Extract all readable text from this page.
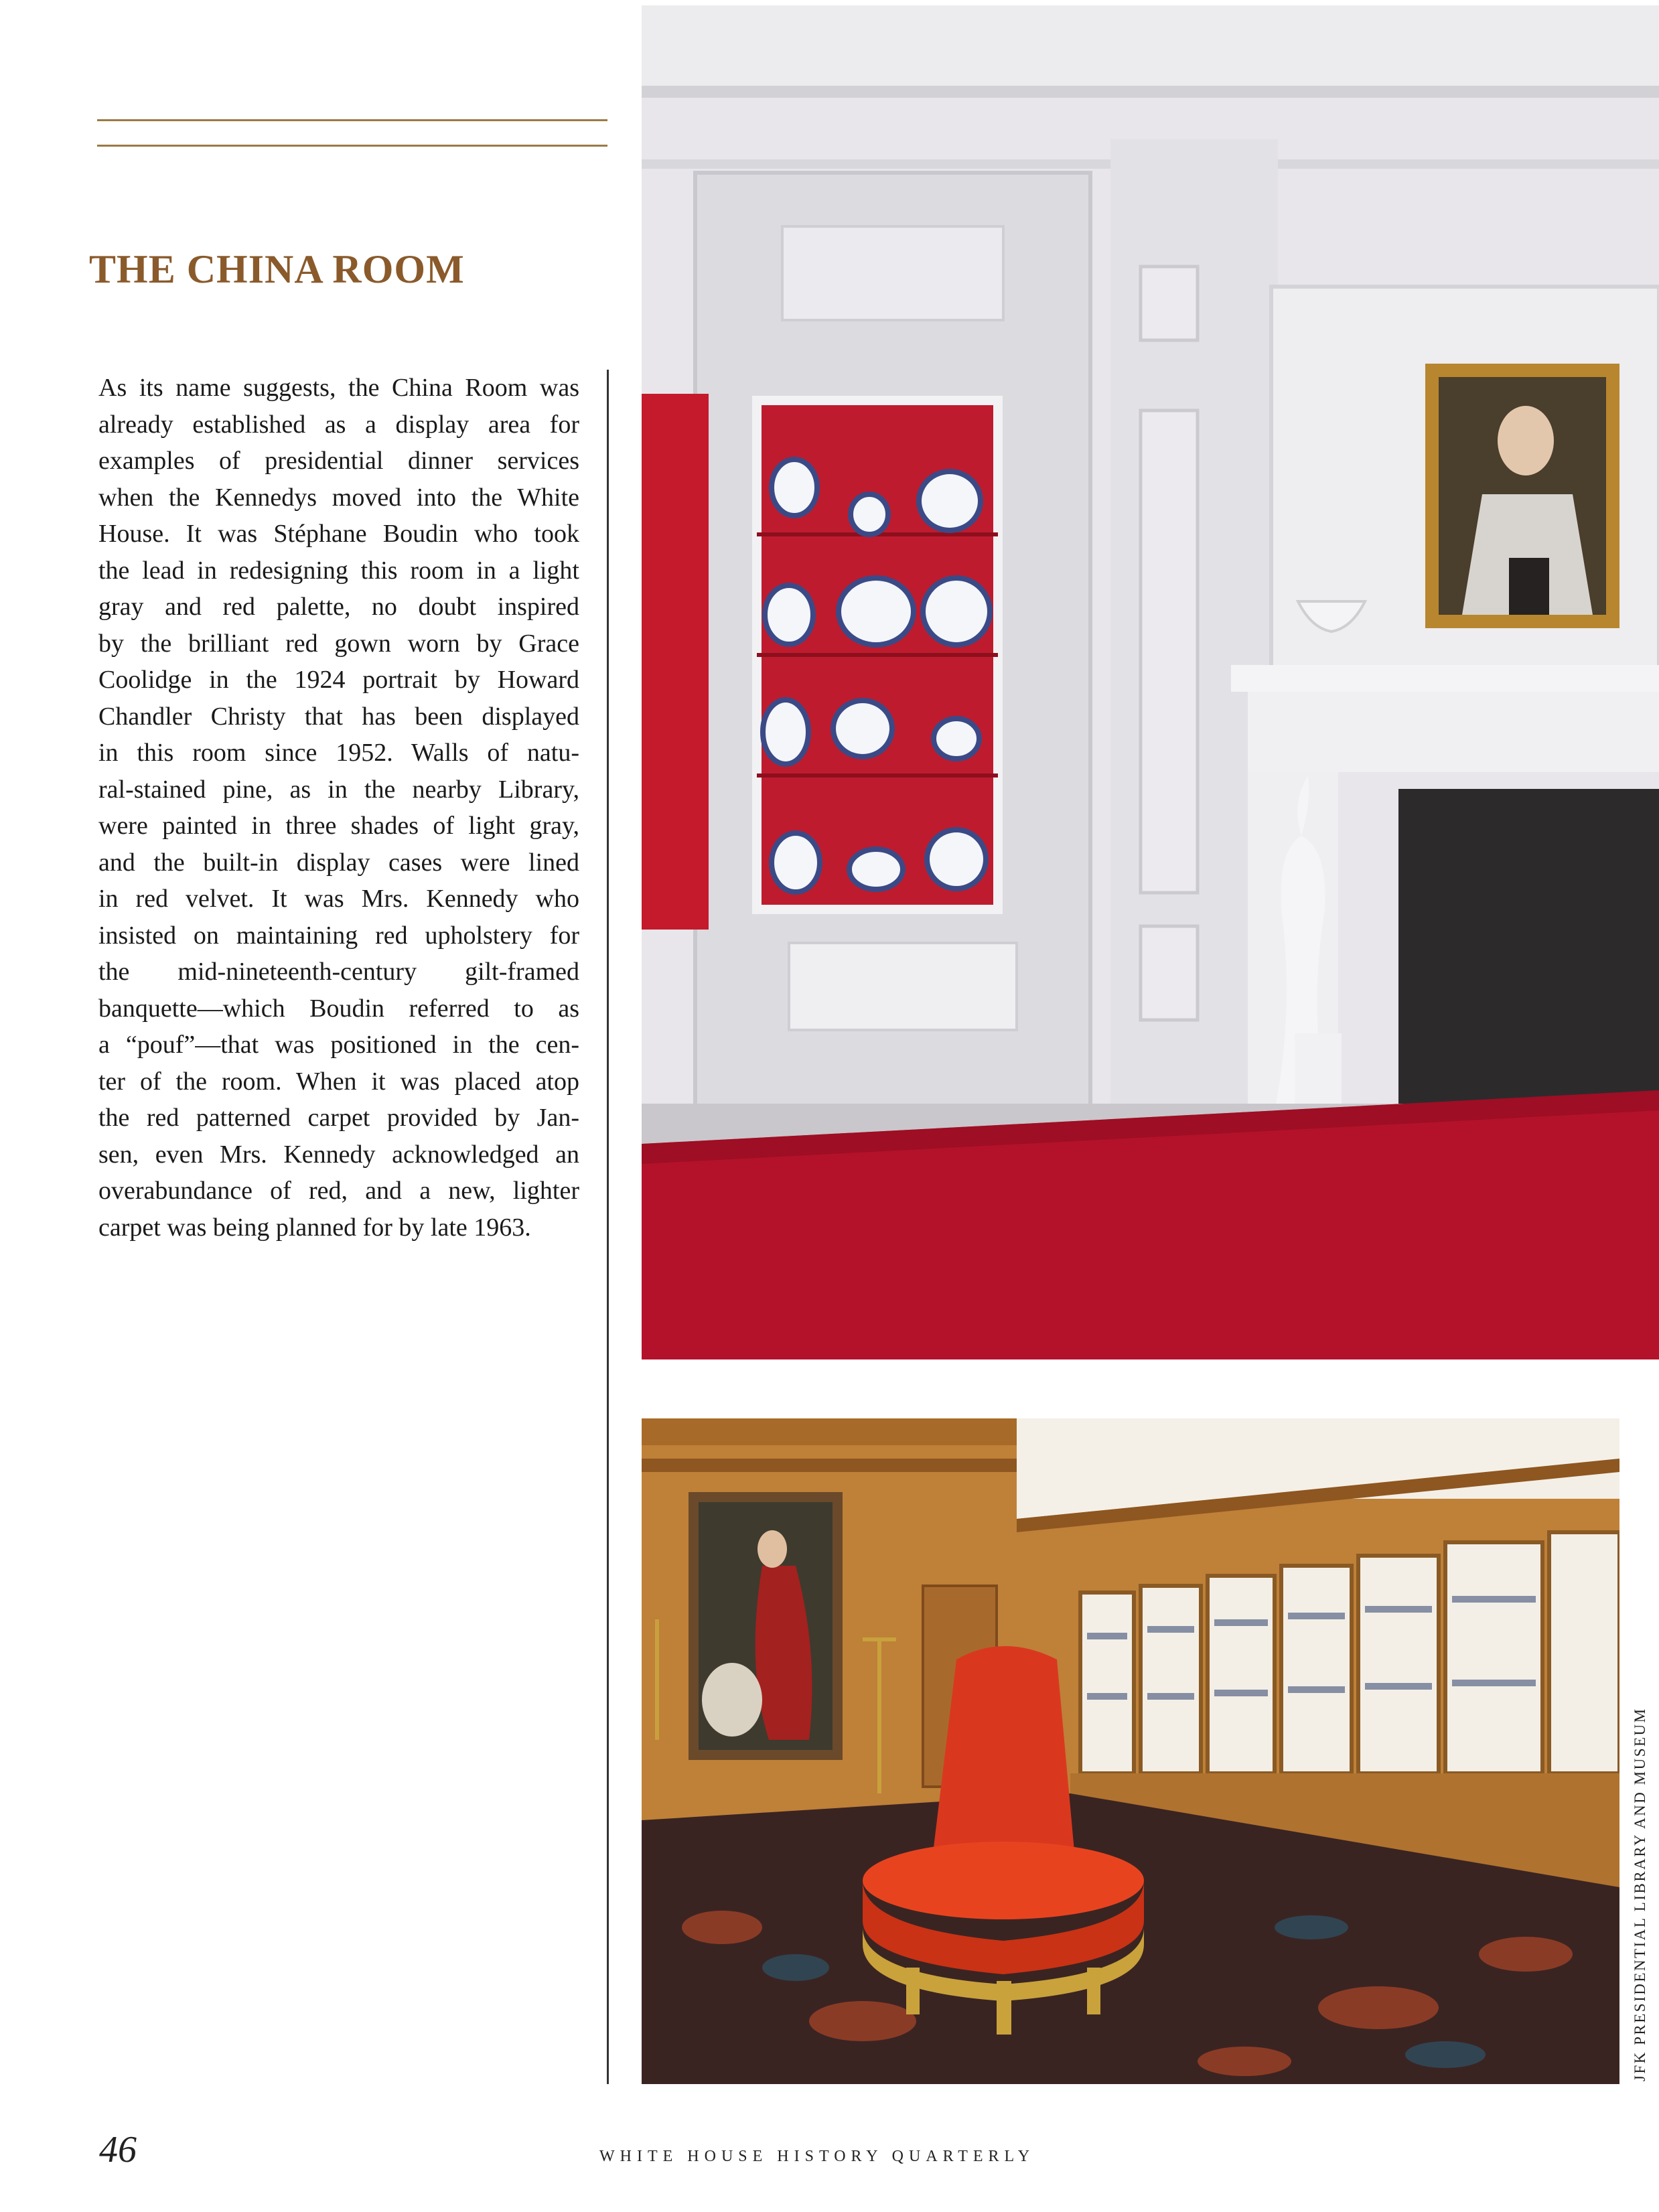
THE CHINA ROOM
As its name suggests, the China Room was
already established as a display area for
examples of presidential dinner services
when the Kennedys moved into the White
House. It was Stéphane Boudin who took
the lead in redesigning this room in a light
gray and red palette, no doubt inspired
by the brilliant red gown worn by Grace
Coolidge in the 1924 portrait by Howard
Chandler Christy that has been displayed
in this room since 1952. Walls of natu-
ral-stained pine, as in the nearby Library,
were painted in three shades of light gray,
and the built-in display cases were lined
in red velvet. It was Mrs. Kennedy who
insisted on maintaining red upholstery for
the mid-nineteenth-century gilt-framed
banquette—which Boudin referred to as
a “pouf”—that was positioned in the cen-
ter of the room. When it was placed atop
the red patterned carpet provided by Jan-
sen, even Mrs. Kennedy acknowledged an
overabundance of red, and a new, lighter
carpet was being planned for by late 1963.
JFK PRESIDENTIAL LIBRARY AND MUSEUM
46	WHITE HOUSE HISTORY QUARTERLY
